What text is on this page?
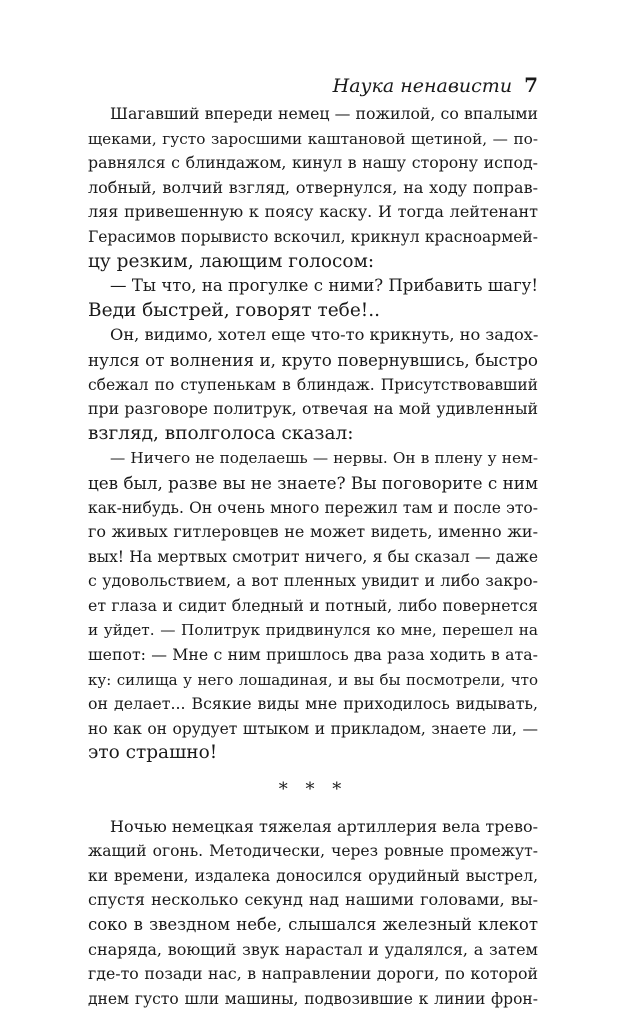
Наука ненависти 7

Шагавший впереди немец — пожилой, со впалыми

щеками, густо заросшими каштановой щетиной, — по-

равнялся с блиндажом, кинул в нашу сторону испод-

лобный, волчий взгляд, отвернулся, на ходу поправ-

ляя привешенную к поясу каску. И тогда лейтенант

Герасимов порывисто вскочил, крикнул красноармей-

цу резким, лающим голосом:

— Ты что, на прогулке с ними? Прибавить шагу!

Веди быстрей, говорят тебе!..

Он, видимо, хотел еще что-то крикнуть, но задох-

нулся от волнения и, круто повернувшись, быстро

сбежал по ступенькам в блиндаж. Присутствовавший

при разговоре политрук, отвечая на мой удивленный

взгляд, вполголоса сказал:

— Ничего не поделаешь — нервы. Он в плену у нем-

цев был, разве вы не знаете? Вы поговорите с ним

как-нибудь. Он очень много пережил там и после это-

го живых гитлеровцев не может видеть, именно жи-

вых! На мертвых смотрит ничего, я бы сказал — даже

с удовольствием, а вот пленных увидит и либо закро-

ет глаза и сидит бледный и потный, либо повернется

и уйдет. — Политрук придвинулся ко мне, перешел на

шепот: — Мне с ним пришлось два раза ходить в ата-

ку: силища у него лошадиная, и вы бы посмотрели, что

он делает... Всякие виды мне приходилось видывать,

но как он орудует штыком и прикладом, знаете ли, —

это страшно!

* * *

Ночью немецкая тяжелая артиллерия вела трево-

жащий огонь. Методически, через ровные промежут-

ки времени, издалека доносился орудийный выстрел,

спустя несколько секунд над нашими головами, вы-

соко в звездном небе, слышался железный клекот

снаряда, воющий звук нарастал и удалялся, а затем

где-то позади нас, в направлении дороги, по которой

днем густо шли машины, подвозившие к линии фрон-
